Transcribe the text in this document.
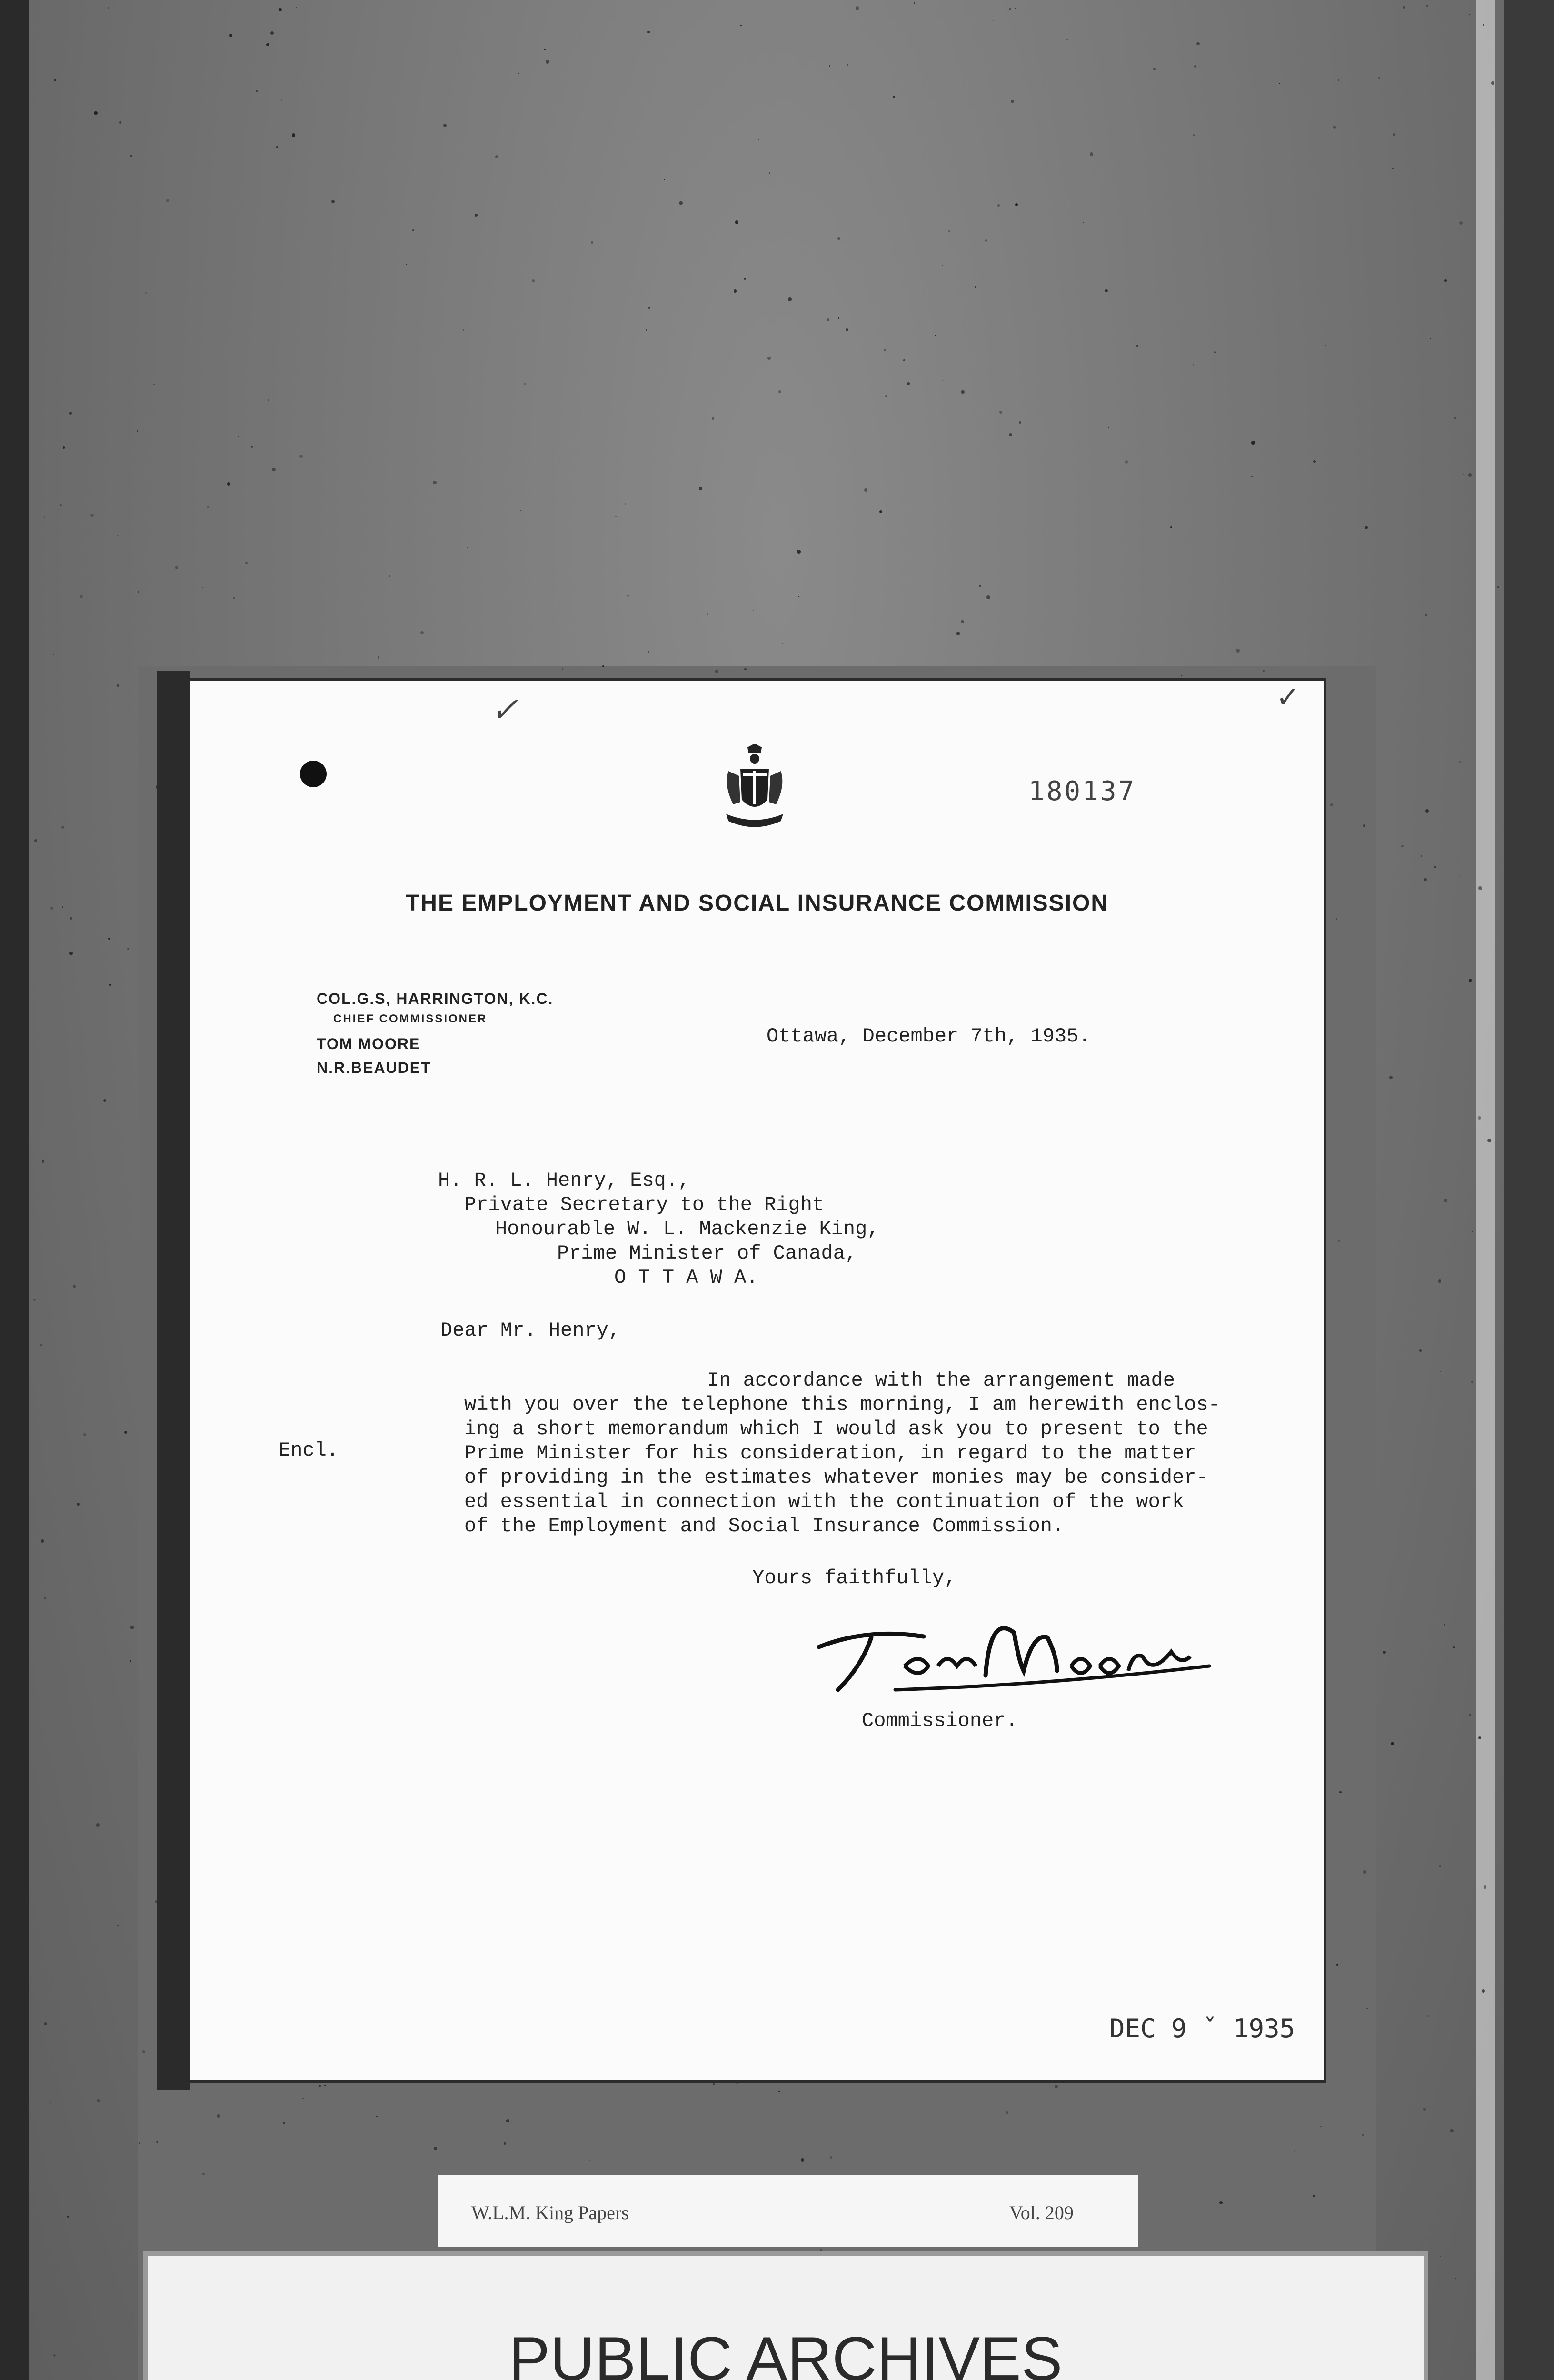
✓	✓
180137
THE EMPLOYMENT AND SOCIAL INSURANCE COMMISSION
COL.G.S, HARRINGTON, K.C.
CHIEF COMMISSIONER
TOM MOORE
N.R.BEAUDET
Ottawa, December 7th, 1935.
H. R. L. Henry, Esq.,
Private Secretary to the Right
Honourable W. L. Mackenzie King,
Prime Minister of Canada,
O T T A W A.
Dear Mr. Henry,
In accordance with the arrangement made
with you over the telephone this morning, I am herewith enclos-
ing a short memorandum which I would ask you to present to the
Prime Minister for his consideration, in regard to the matter
of providing in the estimates whatever monies may be consider-
ed essential in connection with the continuation of the work
of the Employment and Social Insurance Commission.
Encl.
Yours faithfully,
Commissioner.
DEC 9 ˇ 1935
W.L.M. King Papers	Vol. 209
PUBLIC ARCHIVES
